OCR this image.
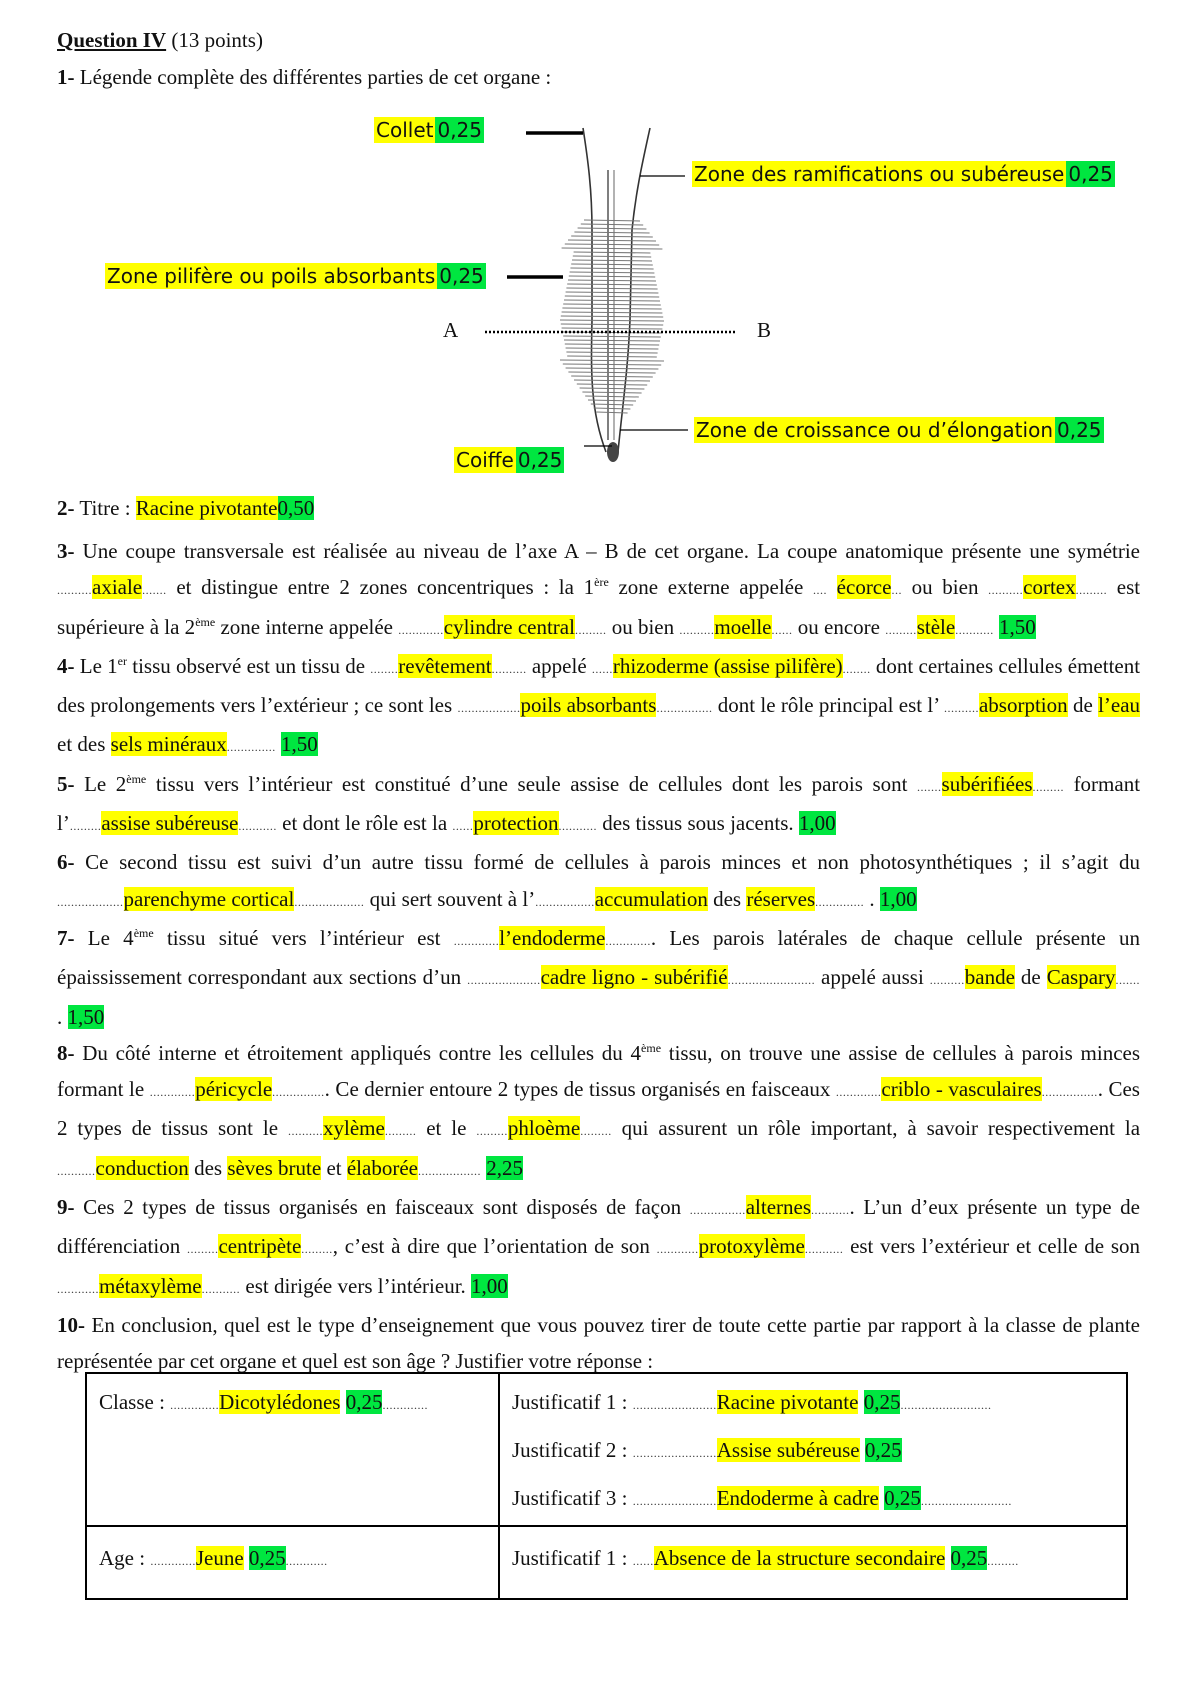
Question IV (13 points)
1- Légende complète des différentes parties de cet organe :
Collet 0,25
Zone des ramifications ou subéreuse 0,25
Zone pilifère ou poils absorbants 0,25
Zone de croissance ou d’élongation 0,25
Coiffe 0,25
A	B
2- Titre : Racine pivotante0,50

3- Une coupe transversale est réalisée au niveau de l’axe A – B de cet organe. La coupe anatomique présente une symétrie ..........axiale....... et distingue entre 2 zones concentriques : la 1ère zone externe appelée .... écorce... ou bien ..........cortex......... est supérieure à la 2ème zone interne appelée .............cylindre central......... ou bien ..........moelle...... ou encore .........stèle........... 1,50

4- Le 1er tissu observé est un tissu de ........revêtement.......... appelé ......rhizoderme (assise pilifère)........ dont certaines cellules émettent des prolongements vers l’extérieur ; ce sont les ..................poils absorbants................ dont le rôle principal est l’ ..........absorption de l’eau et des sels minéraux.............. 1,50

5- Le 2ème tissu vers l’intérieur est constitué d’une seule assise de cellules dont les parois sont .......subérifiées......... formant l’.........assise subéreuse........... et dont le rôle est la ......protection........... des tissus sous jacents. 1,00

6- Ce second tissu est suivi d’un autre tissu formé de cellules à parois minces et non photosynthétiques ; il s’agit du ...................parenchyme cortical.................... qui sert souvent à l’.................accumulation des réserves.............. . 1,00

7- Le 4ème tissu situé vers l’intérieur est .............l’endoderme.............. Les parois latérales de chaque cellule présente un épaississement correspondant aux sections d’un .....................cadre ligno - subérifié......................... appelé aussi ..........bande de Caspary....... . 1,50

8- Du côté interne et étroitement appliqués contre les cellules du 4ème tissu, on trouve une assise de cellules à parois minces formant le .............péricycle................ Ce dernier entoure 2 types de tissus organisés en faisceaux .............criblo - vasculaires................. Ces 2 types de tissus sont le ..........xylème......... et le .........phloème......... qui assurent un rôle important, à savoir respectivement la ...........conduction des sèves brute et élaborée.................. 2,25

9- Ces 2 types de tissus organisés en faisceaux sont disposés de façon ................alternes............ L’un d’eux présente un type de différenciation .........centripète........., c’est à dire que l’orientation de son ............protoxylème........... est vers l’extérieur et celle de son ............métaxylème........... est dirigée vers l’intérieur. 1,00

10- En conclusion, quel est le type d’enseignement que vous pouvez tirer de toute cette partie par rapport à la classe de plante représentée par cet organe et quel est son âge ? Justifier votre réponse :

Classe : ..............Dicotylédones 0,25.............	Justificatif 1 : ........................Racine pivotante 0,25..........................
Justificatif 2 : ........................Assise subéreuse 0,25
Justificatif 3 : ........................Endoderme à cadre 0,25..........................
Age : .............Jeune 0,25............	Justificatif 1 : ......Absence de la structure secondaire 0,25.........
